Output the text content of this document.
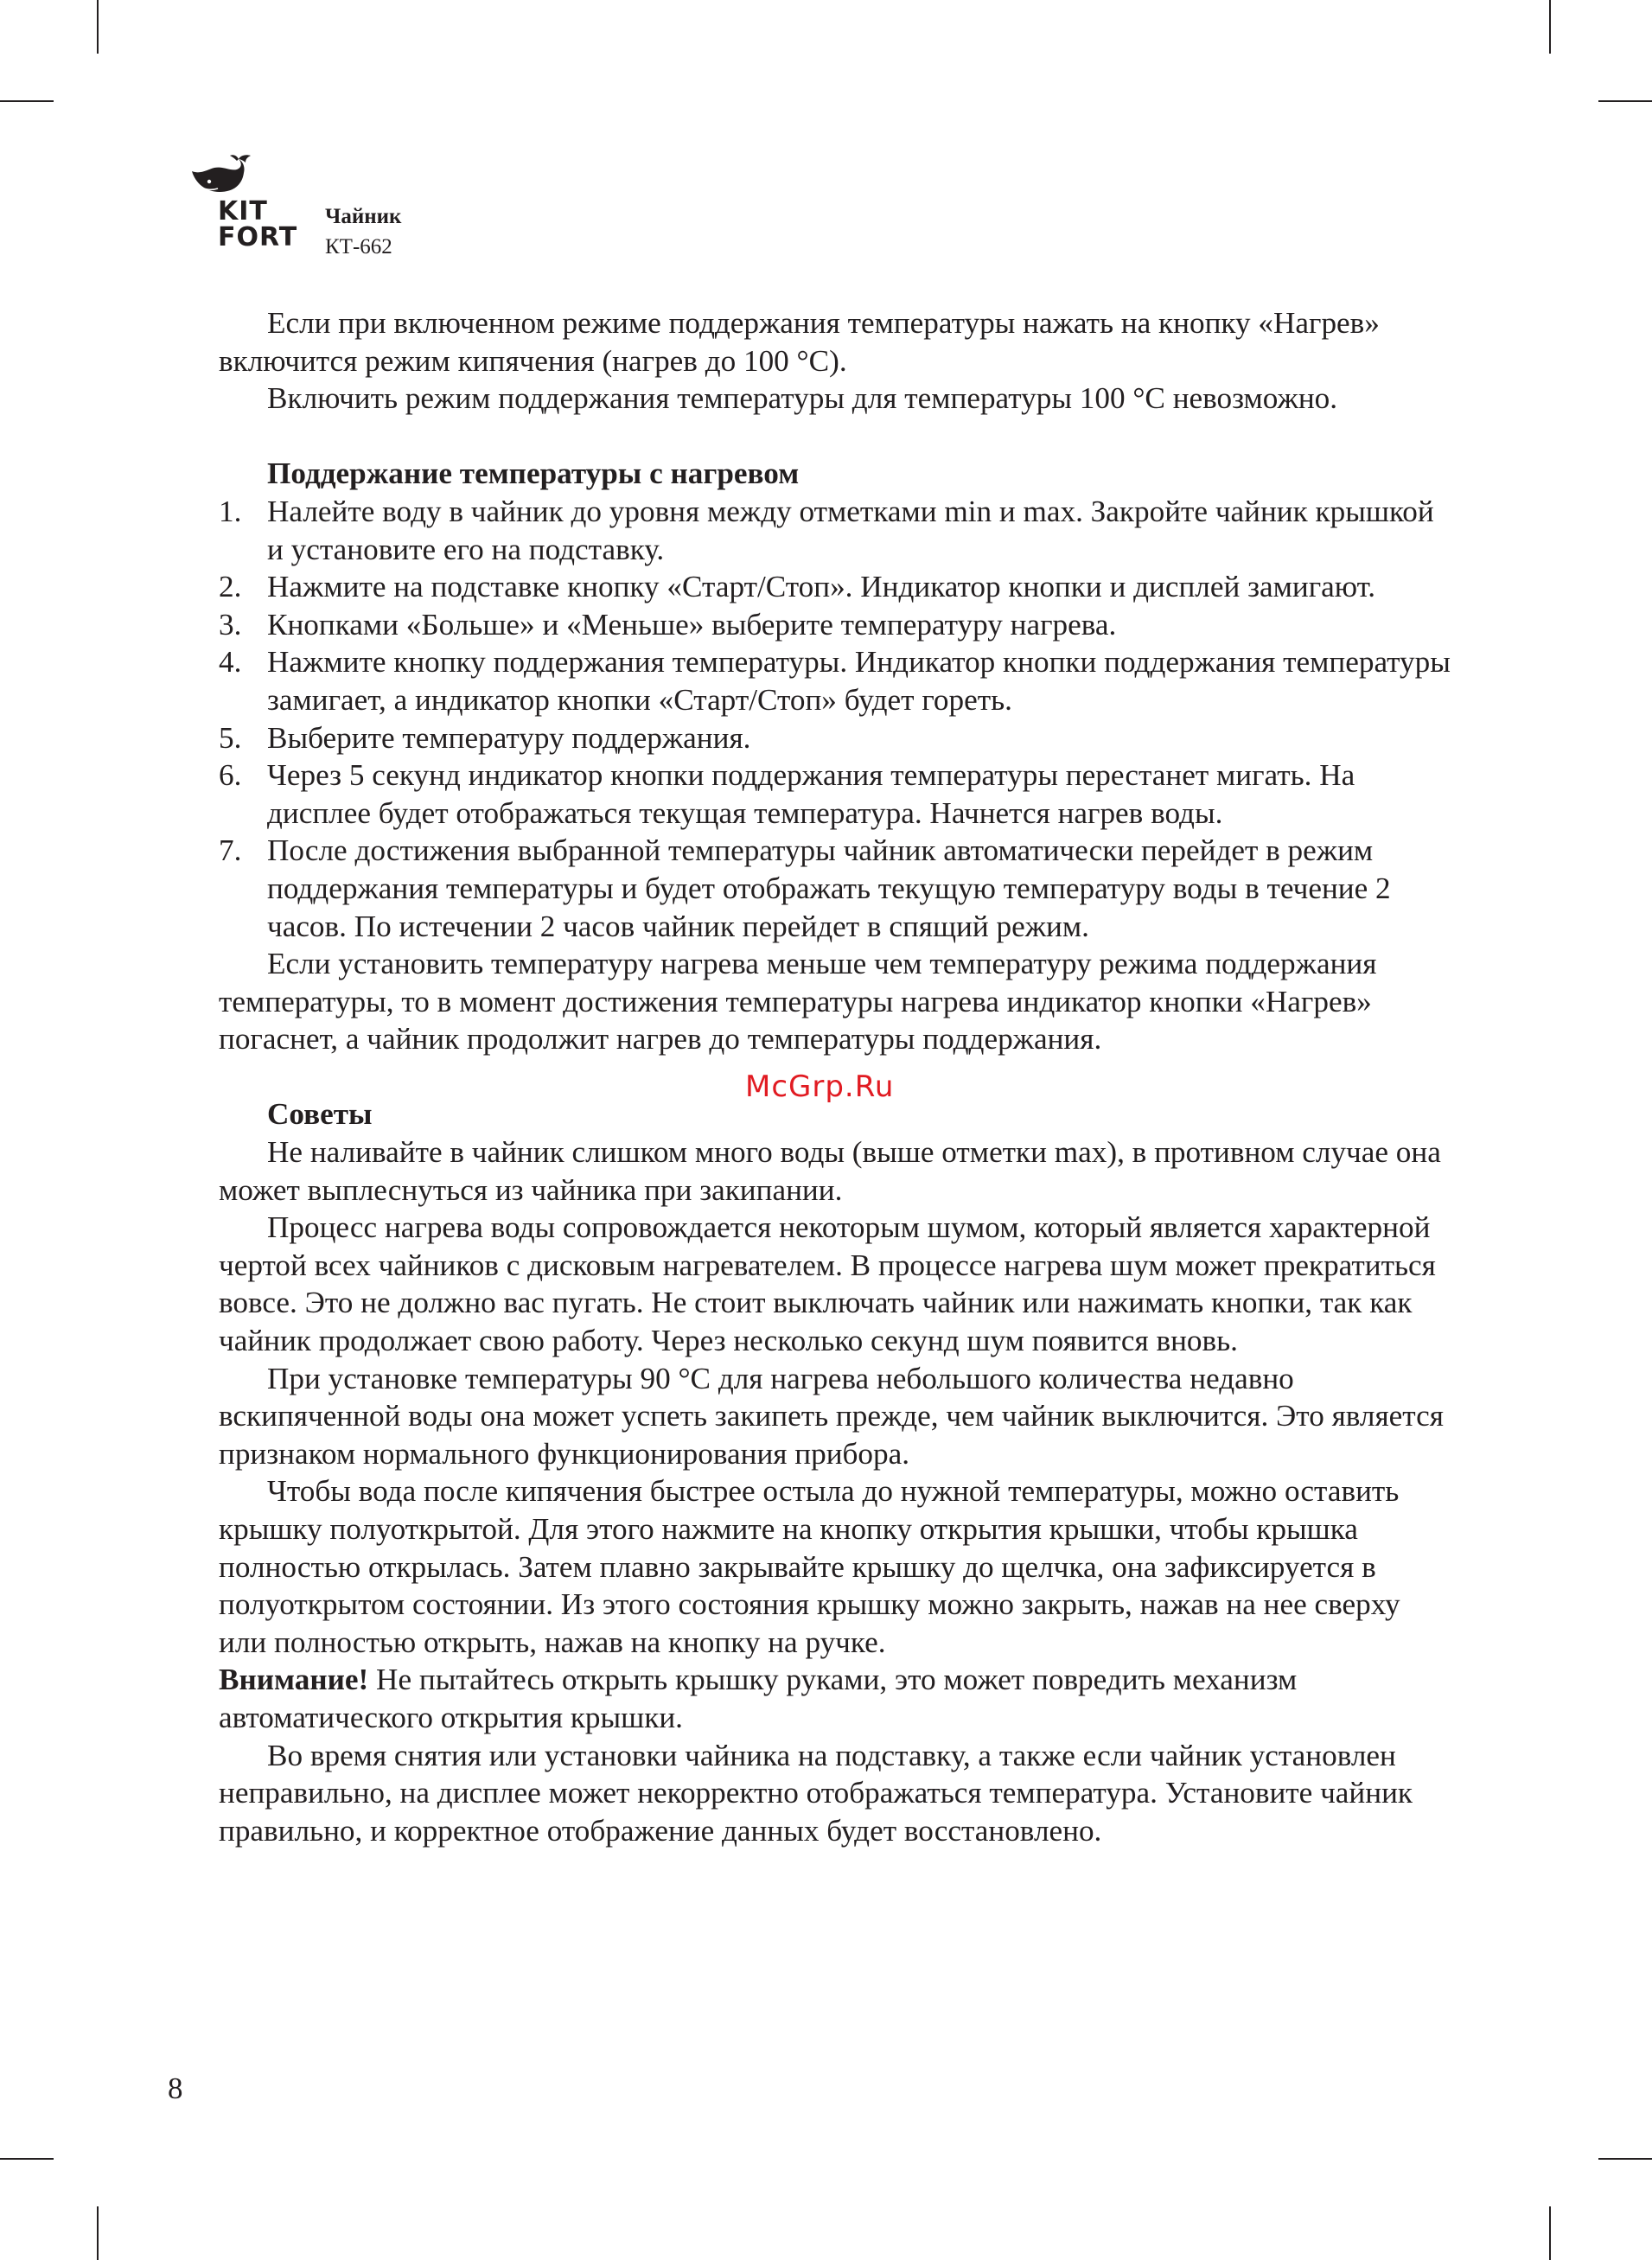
KIT
FORT
Чайник
КТ-662

Если при включенном режиме поддержания температуры нажать на кнопку «Нагрев» включится режим кипячения (нагрев до 100 °С).

Включить режим поддержания температуры для температуры 100 °С невозможно.

Поддержание температуры с нагревом
1. Налейте воду в чайник до уровня между отметками min и max. Закройте чайник крышкой и установите его на подставку.
2. Нажмите на подставке кнопку «Старт/Стоп». Индикатор кнопки и дисплей замигают.
3. Кнопками «Больше» и «Меньше» выберите температуру нагрева.
4. Нажмите кнопку поддержания температуры. Индикатор кнопки поддержания температуры замигает, а индикатор кнопки «Старт/Стоп» будет гореть.
5. Выберите температуру поддержания.
6. Через 5 секунд индикатор кнопки поддержания температуры перестанет мигать. На дисплее будет отображаться текущая температура. Начнется нагрев воды.
7. После достижения выбранной температуры чайник автоматически перейдет в режим поддержания температуры и будет отображать текущую температуру воды в течение 2 часов. По истечении 2 часов чайник перейдет в спящий режим.

Если установить температуру нагрева меньше чем температуру режима поддержания температуры, то в момент достижения температуры нагрева индикатор кнопки «Нагрев» погаснет, а чайник продолжит нагрев до температуры поддержания.

Советы

Не наливайте в чайник слишком много воды (выше отметки max), в противном случае она может выплеснуться из чайника при закипании.

Процесс нагрева воды сопровождается некоторым шумом, который является характерной чертой всех чайников с дисковым нагревателем. В процессе нагрева шум может прекратиться вовсе. Это не должно вас пугать. Не стоит выключать чайник или нажимать кнопки, так как чайник продолжает свою работу. Через несколько секунд шум появится вновь.

При установке температуры 90 °С для нагрева небольшого количества недавно вскипяченной воды она может успеть закипеть прежде, чем чайник выключится. Это является признаком нормального функционирования прибора.

Чтобы вода после кипячения быстрее остыла до нужной температуры, можно оставить крышку полуоткрытой. Для этого нажмите на кнопку открытия крышки, чтобы крышка полностью открылась. Затем плавно закрывайте крышку до щелчка, она зафиксируется в полуоткрытом состоянии. Из этого состояния крышку можно закрыть, нажав на нее сверху или полностью открыть, нажав на кнопку на ручке.

Внимание! Не пытайтесь открыть крышку руками, это может повредить механизм автоматического открытия крышки.

Во время снятия или установки чайника на подставку, а также если чайник установлен неправильно, на дисплее может некорректно отображаться температура. Установите чайник правильно, и корректное отображение данных будет восстановлено.

McGrp.Ru
8
